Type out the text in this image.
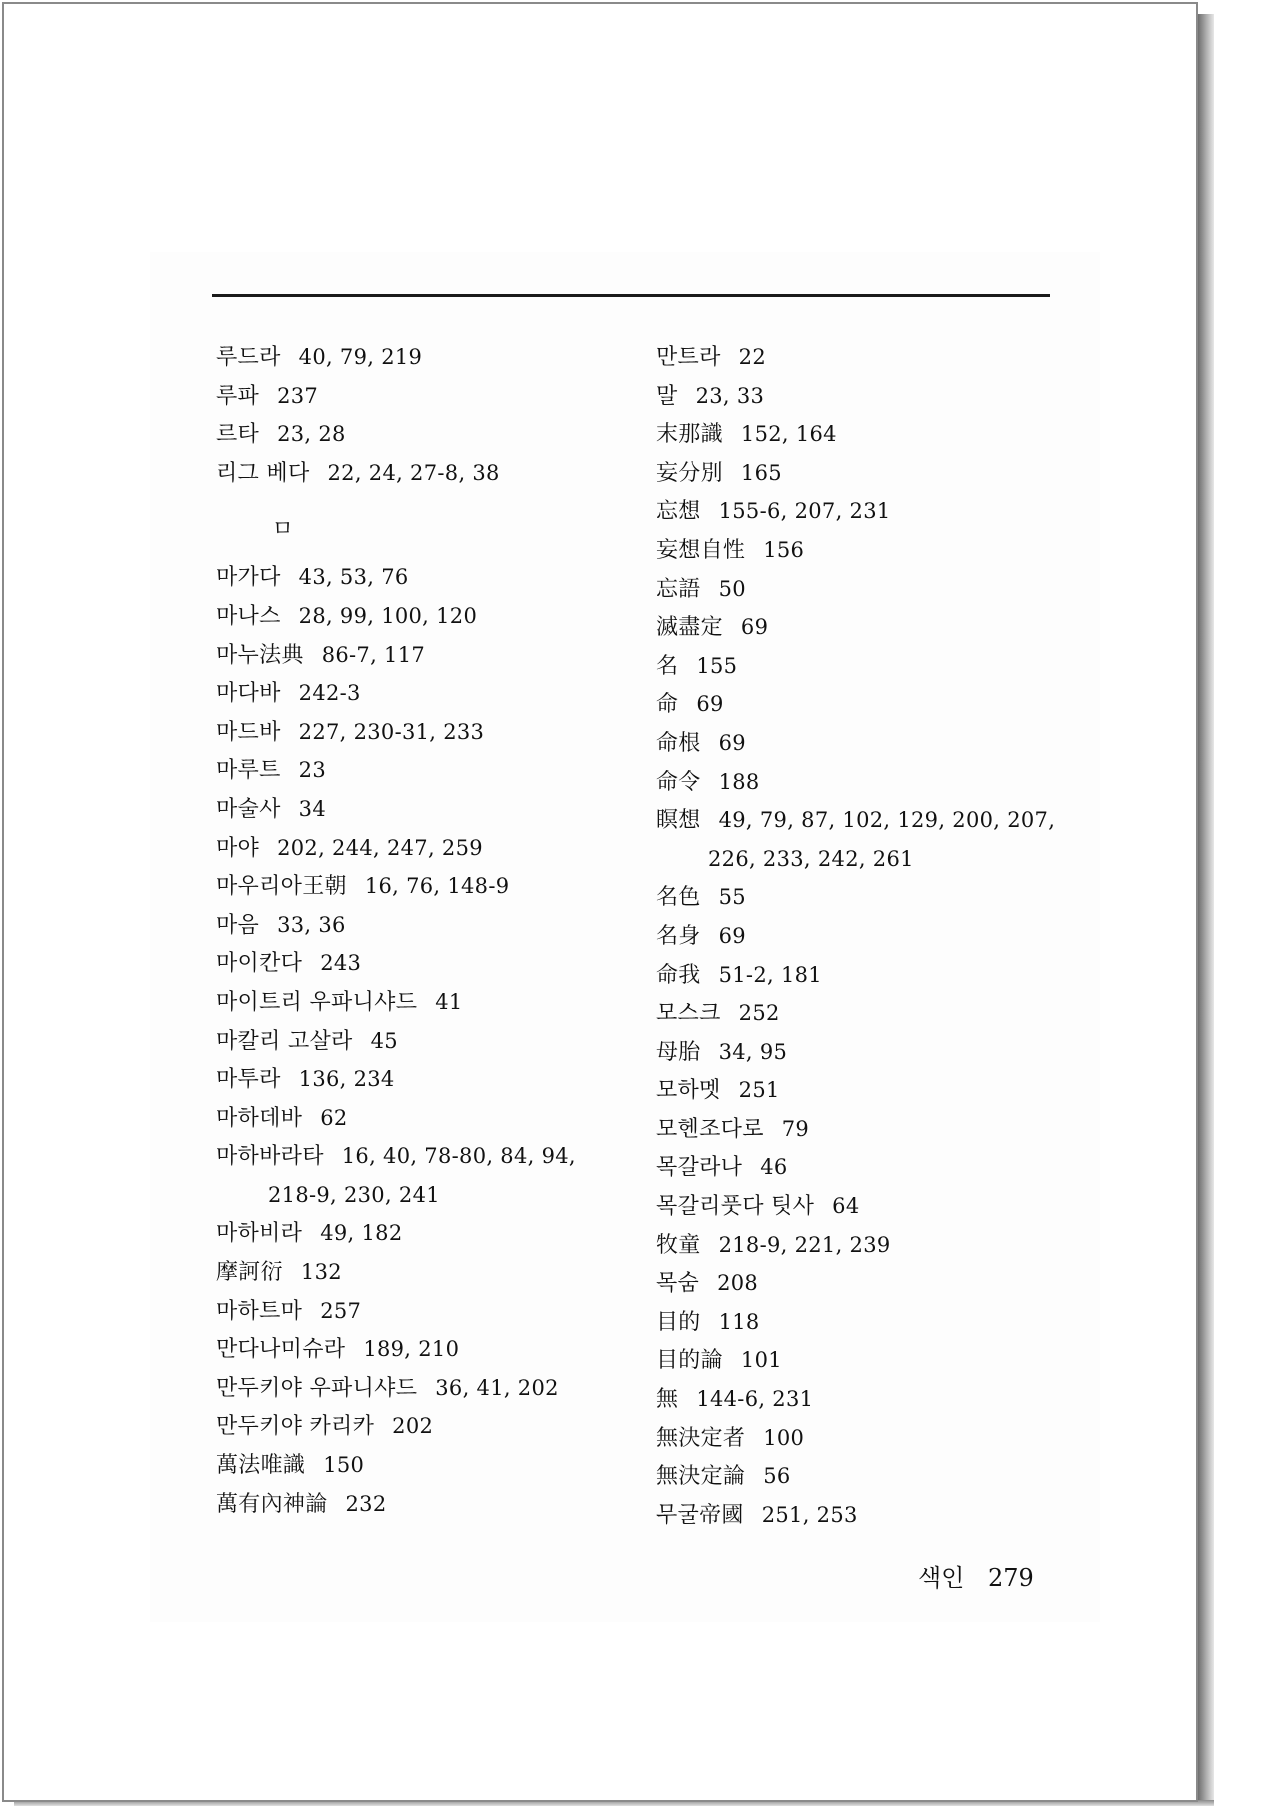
루드라 40, 79, 219
루파 237
르타 23, 28
리그 베다 22, 24, 27-8, 38
ㅁ
마가다 43, 53, 76
마나스 28, 99, 100, 120
마누法典 86-7, 117
마다바 242-3
마드바 227, 230-31, 233
마루트 23
마술사 34
마야 202, 244, 247, 259
마우리아王朝 16, 76, 148-9
마음 33, 36
마이칸다 243
마이트리 우파니샤드 41
마칼리 고살라 45
마투라 136, 234
마하데바 62
마하바라타 16, 40, 78-80, 84, 94,
218-9, 230, 241
마하비라 49, 182
摩訶衍 132
마하트마 257
만다나미슈라 189, 210
만두키야 우파니샤드 36, 41, 202
만두키야 카리카 202
萬法唯識 150
萬有內神論 232
만트라 22
말 23, 33
末那識 152, 164
妄分別 165
忘想 155-6, 207, 231
妄想自性 156
忘語 50
滅盡定 69
名 155
命 69
命根 69
命令 188
瞑想 49, 79, 87, 102, 129, 200, 207,
226, 233, 242, 261
名色 55
名身 69
命我 51-2, 181
모스크 252
母胎 34, 95
모하멧 251
모헨조다로 79
목갈라나 46
목갈리풋다 팃사 64
牧童 218-9, 221, 239
목숨 208
目的 118
目的論 101
無 144-6, 231
無決定者 100
無決定論 56
무굴帝國 251, 253
색인 279
